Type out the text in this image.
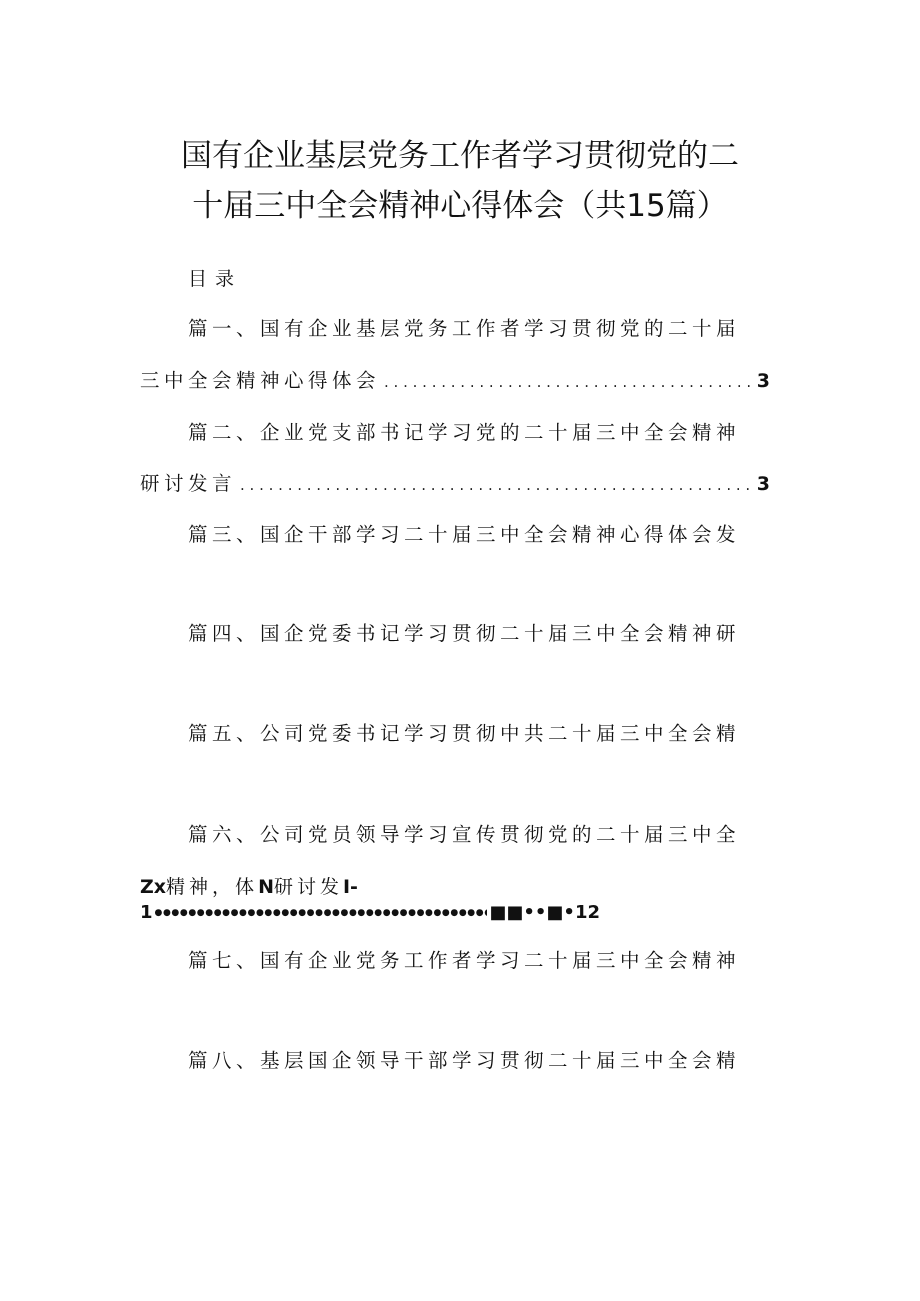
国有企业基层党务工作者学习贯彻党的二
十届三中全会精神心得体会（共15篇）
目录
篇一、国有企业基层党务工作者学习贯彻党的二十届
三中全会精神心得体会 . . .	3
篇二、企业党支部书记学习党的二十届三中全会精神
研讨发言 . . .	3
篇三、国企干部学习二十届三中全会精神心得体会发
篇四、国企党委书记学习贯彻二十届三中全会精神研
篇五、公司党委书记学习贯彻中共二十届三中全会精
篇六、公司党员领导学习宣传贯彻党的二十届三中全
Zx精神，体N研讨发I-
1 ●●●●●●●●●●●●●●●●●●●●●●●●●●●●●●●●●●●●●●●●●●●●●●●●●●●●●●●●●●●●●●●●●●●●●●●●●●●●●●●●●●●●●●●●●●●●	■■••■•12
篇七、国有企业党务工作者学习二十届三中全会精神
篇八、基层国企领导干部学习贯彻二十届三中全会精
